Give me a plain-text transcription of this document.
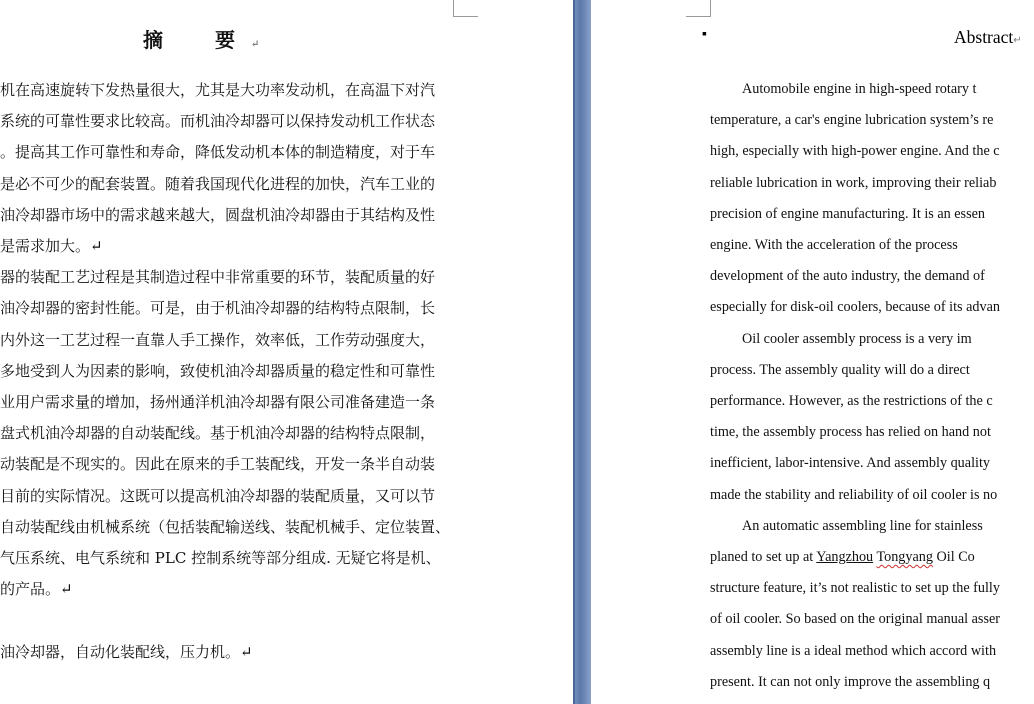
摘　要↵
机在高速旋转下发热量很大，尤其是大功率发动机，在高温下对汽
系统的可靠性要求比较高。而机油冷却器可以保持发动机工作状态
。提高其工作可靠性和寿命，降低发动机本体的制造精度，对于车
是必不可少的配套装置。随着我国现代化进程的加快，汽车工业的
油冷却器市场中的需求越来越大，圆盘机油冷却器由于其结构及性
是需求加大。↵
器的装配工艺过程是其制造过程中非常重要的环节，装配质量的好
油冷却器的密封性能。可是，由于机油冷却器的结构特点限制，长
内外这一工艺过程一直靠人手工操作，效率低，工作劳动强度大，
多地受到人为因素的影响，致使机油冷却器质量的稳定性和可靠性
业用户需求量的增加，扬州通洋机油冷却器有限公司准备建造一条
盘式机油冷却器的自动装配线。基于机油冷却器的结构特点限制，
动装配是不现实的。因此在原来的手工装配线，开发一条半自动装
目前的实际情况。这既可以提高机油冷却器的装配质量，又可以节
自动装配线由机械系统（包括装配输送线、装配机械手、定位装置、
气压系统、电气系统和 PLC 控制系统等部分组成. 无疑它将是机、
的产品。↵
油冷却器，自动化装配线，压力机。↵
▪	Abstract↵
Automobile engine in high-speed rotary t
temperature, a car's engine lubrication system’s re
high, especially with high-power engine. And the c
reliable lubrication in work, improving their reliab
precision of engine manufacturing. It is an essen
engine. With the acceleration of the process
development of the auto industry, the demand of
especially for disk-oil coolers, because of its advan
Oil cooler assembly process is a very im
process. The assembly quality will do a direct
performance. However, as the restrictions of the c
time, the assembly process has relied on hand not
inefficient, labor-intensive. And assembly quality
made the stability and reliability of oil cooler is no
An automatic assembling line for stainless
planed to set up at Yangzhou Tongyang Oil Co
structure feature, it’s not realistic to set up the fully
of oil cooler. So based on the original manual asser
assembly line is a ideal method which accord with
present. It can not only improve the assembling q
